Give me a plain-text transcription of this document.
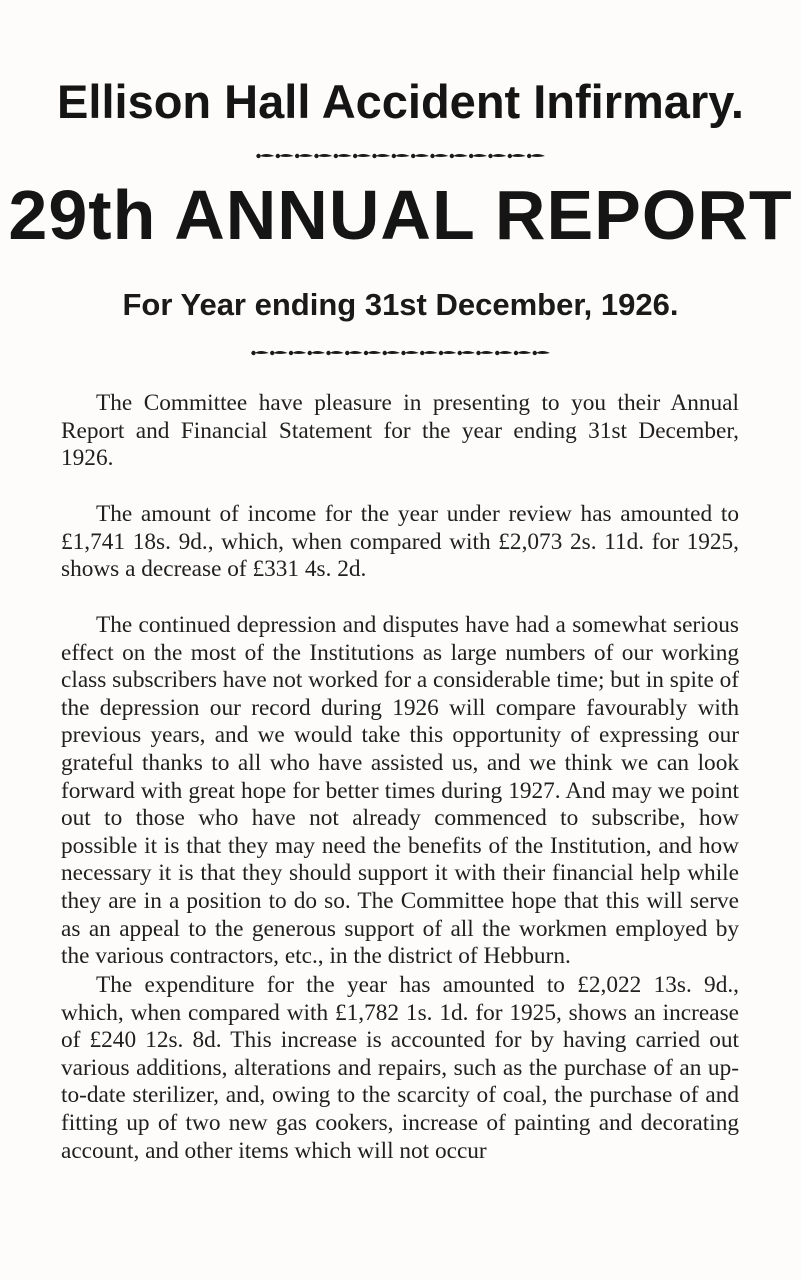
Ellison Hall Accident Infirmary.
29th ANNUAL REPORT
For Year ending 31st December, 1926.

The Committee have pleasure in presenting to you their Annual Report and Financial Statement for the year ending 31st December, 1926.

The amount of income for the year under review has amounted to £1,741 18s. 9d., which, when compared with £2,073 2s. 11d. for 1925, shows a decrease of £331 4s. 2d.

The continued depression and disputes have had a somewhat serious effect on the most of the Institutions as large numbers of our working class subscribers have not worked for a considerable time; but in spite of the depression our record during 1926 will compare favourably with previous years, and we would take this opportunity of expressing our grateful thanks to all who have assisted us, and we think we can look forward with great hope for better times during 1927. And may we point out to those who have not already commenced to subscribe, how possible it is that they may need the benefits of the Institution, and how necessary it is that they should support it with their financial help while they are in a position to do so. The Committee hope that this will serve as an appeal to the generous support of all the workmen employed by the various contractors, etc., in the district of Hebburn.

The expenditure for the year has amounted to £2,022 13s. 9d., which, when compared with £1,782 1s. 1d. for 1925, shows an increase of £240 12s. 8d. This increase is accounted for by having carried out various additions, alterations and repairs, such as the purchase of an up-to-date sterilizer, and, owing to the scarcity of coal, the purchase of and fitting up of two new gas cookers, increase of painting and decorating account, and other items which will not occur
